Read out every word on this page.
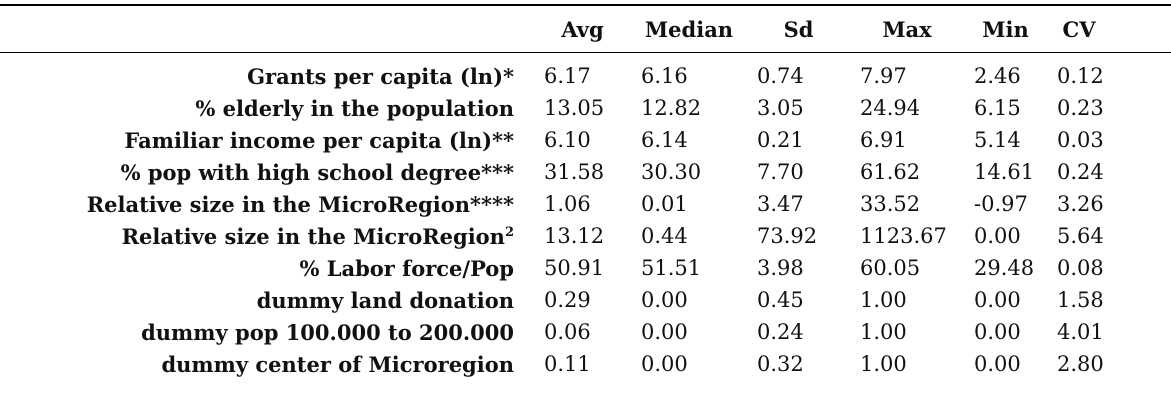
	Avg	Median	Sd	Max	Min	CV
Grants per capita (ln)*	6.17	6.16	0.74	7.97	2.46	0.12
% elderly in the population	13.05	12.82	3.05	24.94	6.15	0.23
Familiar income per capita (ln)**	6.10	6.14	0.21	6.91	5.14	0.03
% pop with high school degree***	31.58	30.30	7.70	61.62	14.61	0.24
Relative size in the MicroRegion****	1.06	0.01	3.47	33.52	-0.97	3.26
Relative size in the MicroRegion$^2$	13.12	0.44	73.92	1123.67	0.00	5.64
% Labor force/Pop	50.91	51.51	3.98	60.05	29.48	0.08
dummy land donation	0.29	0.00	0.45	1.00	0.00	1.58
dummy pop 100.000 to 200.000	0.06	0.00	0.24	1.00	0.00	4.01
dummy center of Microregion	0.11	0.00	0.32	1.00	0.00	2.80
